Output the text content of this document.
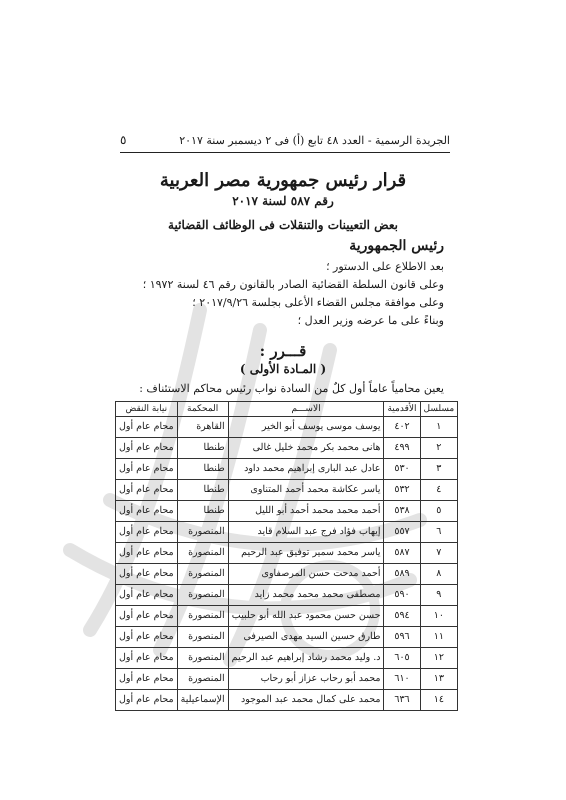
الجريدة الرسمية - العدد ٤٨ تابع (أ) فى ٢ ديسمبر سنة ٢٠١٧
٥
قرار رئيس جمهورية مصر العربية
رقم ٥٨٧ لسنة ٢٠١٧
بعض التعيينات والتنقلات فى الوظائف القضائية
رئيس الجمهورية
بعد الاطلاع على الدستور ؛
وعلى قانون السلطة القضائية الصادر بالقانون رقم ٤٦ لسنة ١٩٧٢ ؛
وعلى موافقة مجلس القضاء الأعلى بجلسة ٢٠١٧/٩/٢٦ ؛
وبناءً على ما عرضه وزير العدل ؛
قـــرر :
( المـادة الأولى )
يعين محامياً عاماً أول كلٌ من السادة نواب رئيس محاكم الاستئناف :
مسلسل	الأقدمية	الاســـم	المحكمة	نيابة النقض
١	٤٠٢	يوسف موسى يوسف أبو الخير	القاهرة	محام عام أول
٢	٤٩٩	هانى محمد بكر محمد خليل غالى	طنطا	محام عام أول
٣	٥٣٠	عادل عبد البارى إبراهيم محمد داود	طنطا	محام عام أول
٤	٥٣٢	ياسر عكاشة محمد أحمد المتناوى	طنطا	محام عام أول
٥	٥٣٨	أحمد محمد محمد أحمد أبو الليل	طنطا	محام عام أول
٦	٥٥٧	إيهاب فؤاد فرج عبد السلام قايد	المنصورة	محام عام أول
٧	٥٨٧	ياسر محمد سمير توفيق عبد الرحيم	المنصورة	محام عام أول
٨	٥٨٩	أحمد مدحت حسن المرصفاوى	المنصورة	محام عام أول
٩	٥٩٠	مصطفى محمد محمد محمد زايد	المنصورة	محام عام أول
١٠	٥٩٤	حسن حسن محمود عبد الله أبو حلبيب	المنصورة	محام عام أول
١١	٥٩٦	طارق حسين السيد مهدى الصيرفى	المنصورة	محام عام أول
١٢	٦٠٥	د. وليد محمد رشاد إبراهيم عبد الرحيم	المنصورة	محام عام أول
١٣	٦١٠	محمد أبو رحاب عزاز أبو رحاب	المنصورة	محام عام أول
١٤	٦٣٦	محمد على كمال محمد عبد الموجود	الإسماعيلية	محام عام أول
